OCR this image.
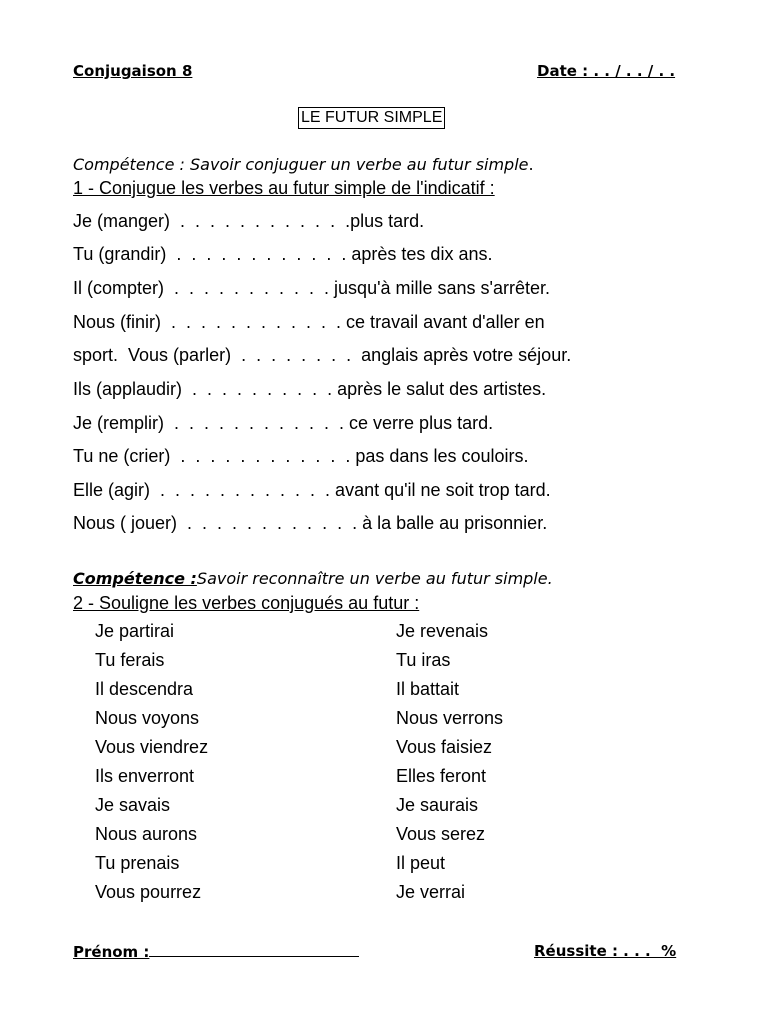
Conjugaison 8	Date : . . / . . / . .
LE FUTUR SIMPLE
Compétence : Savoir conjuguer un verbe au futur simple.
1 - Conjugue les verbes au futur simple de l'indicatif :
Je (manger)  .  .  .  .  .  .  .  .  .  .  .  .plus tard.
Tu (grandir)  .  .  .  .  .  .  .  .  .  .  .  . après tes dix ans.
Il (compter)  .  .  .  .  .  .  .  .  .  .  . jusqu'à mille sans s'arrêter.
Nous (finir)  .  .  .  .  .  .  .  .  .  .  .  . ce travail avant d'aller en
sport.  Vous (parler)  .  .  .  .  .  .  .  .  anglais après votre séjour.
Ils (applaudir)  .  .  .  .  .  .  .  .  .  . après le salut des artistes.
Je (remplir)  .  .  .  .  .  .  .  .  .  .  .  . ce verre plus tard.
Tu ne (crier)  .  .  .  .  .  .  .  .  .  .  .  . pas dans les couloirs.
Elle (agir)  .  .  .  .  .  .  .  .  .  .  .  . avant qu'il ne soit trop tard.
Nous ( jouer)  .  .  .  .  .  .  .  .  .  .  .  . à la balle au prisonnier.
Compétence :Savoir reconnaître un verbe au futur simple.
2 - Souligne les verbes conjugués au futur :
Je partirai
Tu ferais
Il descendra
Nous voyons
Vous viendrez
Ils enverront
Je savais
Nous aurons
Tu prenais
Vous pourrez
Je revenais
Tu iras
Il battait
Nous verrons
Vous faisiez
Elles feront
Je saurais
Vous serez
Il peut
Je verrai
Prénom :	Réussite : . . .  %
